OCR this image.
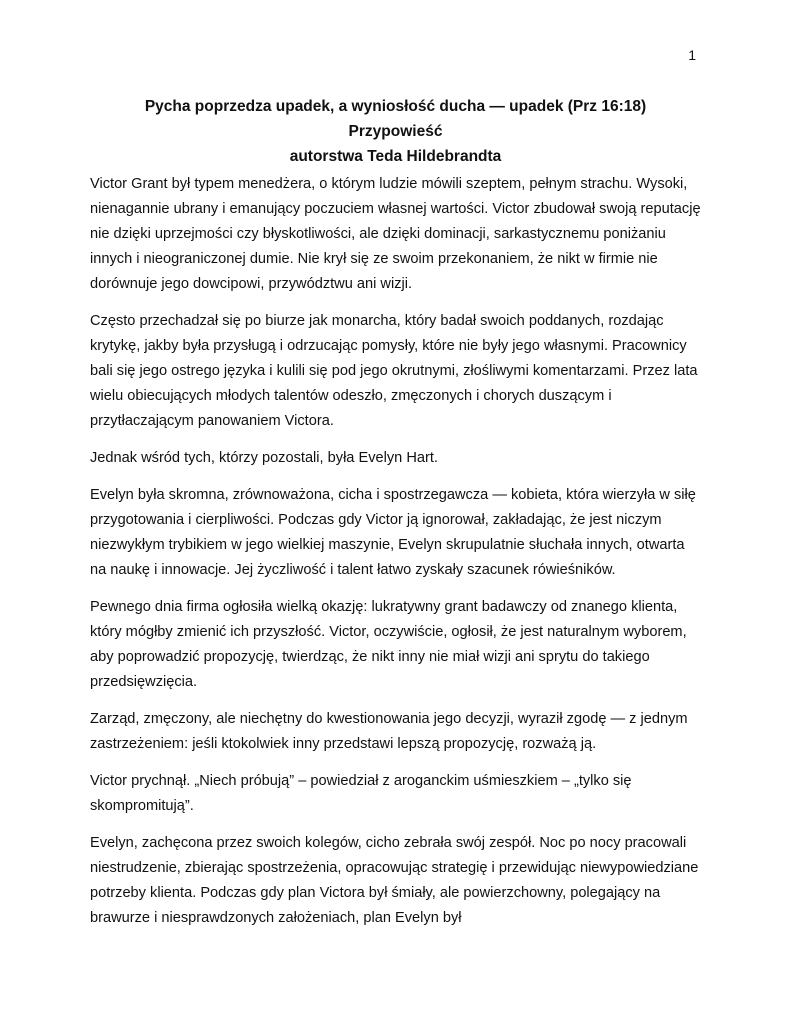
1
Pycha poprzedza upadek, a wyniosłość ducha — upadek (Prz 16:18)
Przypowieść
autorstwa Teda Hildebrandta

Victor Grant był typem menedżera, o którym ludzie mówili szeptem, pełnym strachu. Wysoki, nienagannie ubrany i emanujący poczuciem własnej wartości. Victor zbudował swoją reputację nie dzięki uprzejmości czy błyskotliwości, ale dzięki dominacji, sarkastycznemu poniżaniu innych i nieograniczonej dumie. Nie krył się ze swoim przekonaniem, że nikt w firmie nie dorównuje jego dowcipowi, przywództwu ani wizji.

Często przechadzał się po biurze jak monarcha, który badał swoich poddanych, rozdając krytykę, jakby była przysługą i odrzucając pomysły, które nie były jego własnymi. Pracownicy bali się jego ostrego języka i kulili się pod jego okrutnymi, złośliwymi komentarzami. Przez lata wielu obiecujących młodych talentów odeszło, zmęczonych i chorych duszącym i przytłaczającym panowaniem Victora.

Jednak wśród tych, którzy pozostali, była Evelyn Hart.

Evelyn była skromna, zrównoważona, cicha i spostrzegawcza — kobieta, która wierzyła w siłę przygotowania i cierpliwości. Podczas gdy Victor ją ignorował, zakładając, że jest niczym niezwykłym trybikiem w jego wielkiej maszynie, Evelyn skrupulatnie słuchała innych, otwarta na naukę i innowacje. Jej życzliwość i talent łatwo zyskały szacunek rówieśników.

Pewnego dnia firma ogłosiła wielką okazję: lukratywny grant badawczy od znanego klienta, który mógłby zmienić ich przyszłość. Victor, oczywiście, ogłosił, że jest naturalnym wyborem, aby poprowadzić propozycję, twierdząc, że nikt inny nie miał wizji ani sprytu do takiego przedsięwzięcia.

Zarząd, zmęczony, ale niechętny do kwestionowania jego decyzji, wyraził zgodę — z jednym zastrzeżeniem: jeśli ktokolwiek inny przedstawi lepszą propozycję, rozważą ją.

Victor prychnął. „Niech próbują” – powiedział z aroganckim uśmieszkiem – „tylko się skompromitują”.

Evelyn, zachęcona przez swoich kolegów, cicho zebrała swój zespół. Noc po nocy pracowali niestrudzenie, zbierając spostrzeżenia, opracowując strategię i przewidując niewypowiedziane potrzeby klienta. Podczas gdy plan Victora był śmiały, ale powierzchowny, polegający na brawurze i niesprawdzonych założeniach, plan Evelyn był
